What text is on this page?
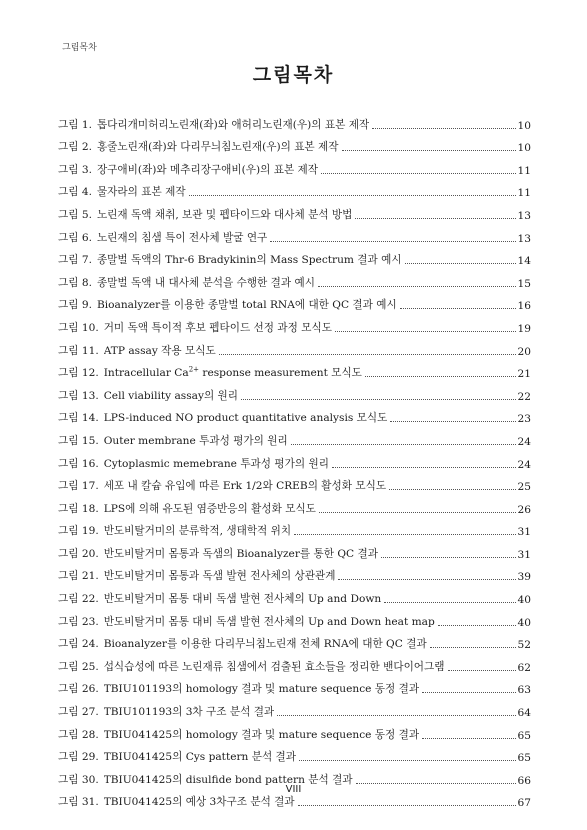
그림목차
그림목차
그림 1. 톱다리개미허리노린재(좌)와 애허리노린재(우)의 표본 제작	10
그림 2. 홍줄노린재(좌)와 다리무늬침노린재(우)의 표본 제작	10
그림 3. 장구애비(좌)와 메추리장구애비(우)의 표본 제작	11
그림 4. 물자라의 표본 제작	11
그림 5. 노린재 독액 채취, 보관 및 펩타이드와 대사체 분석 방법	13
그림 6. 노린재의 침샘 특이 전사체 발굴 연구	13
그림 7. 종말벌 독액의 Thr-6 Bradykinin의 Mass Spectrum 결과 예시	14
그림 8. 종말벌 독액 내 대사체 분석을 수행한 결과 예시	15
그림 9. Bioanalyzer를 이용한 종말벌 total RNA에 대한 QC 결과 예시	16
그림 10. 거미 독액 특이적 후보 펩타이드 선정 과정 모식도	19
그림 11. ATP assay 작용 모식도	20
그림 12. Intracellular $Ca^{2+}$ response measurement 모식도	21
그림 13. Cell viability assay의 원리	22
그림 14. LPS-induced NO product quantitative analysis 모식도	23
그림 15. Outer membrane 투과성 평가의 원리	24
그림 16. Cytoplasmic memebrane 투과성 평가의 원리	24
그림 17. 세포 내 칼슘 유입에 따른 Erk 1/2와 CREB의 활성화 모식도	25
그림 18. LPS에 의해 유도된 염증반응의 활성화 모식도	26
그림 19. 반도비탈거미의 분류학적, 생태학적 위치	31
그림 20. 반도비탈거미 몸통과 독샘의 Bioanalyzer를 통한 QC 결과	31
그림 21. 반도비탈거미 몸통과 독샘 발현 전사체의 상관관계	39
그림 22. 반도비탈거미 몸통 대비 독샘 발현 전사체의 Up and Down	40
그림 23. 반도비탈거미 몸통 대비 독샘 발현 전사체의 Up and Down heat map	40
그림 24. Bioanalyzer를 이용한 다리무늬침노린재 전체 RNA에 대한 QC 결과	52
그림 25. 섭식습성에 따른 노린재류 침샘에서 검출된 효소들을 정리한 밴다이어그램	62
그림 26. TBIU101193의 homology 결과 및 mature sequence 동정 결과	63
그림 27. TBIU101193의 3차 구조 분석 결과	64
그림 28. TBIU041425의 homology 결과 및 mature sequence 동정 결과	65
그림 29. TBIU041425의 Cys pattern 분석 결과	65
그림 30. TBIU041425의 disulfide bond pattern 분석 결과	66
그림 31. TBIU041425의 예상 3차구조 분석 결과	67
VIII
